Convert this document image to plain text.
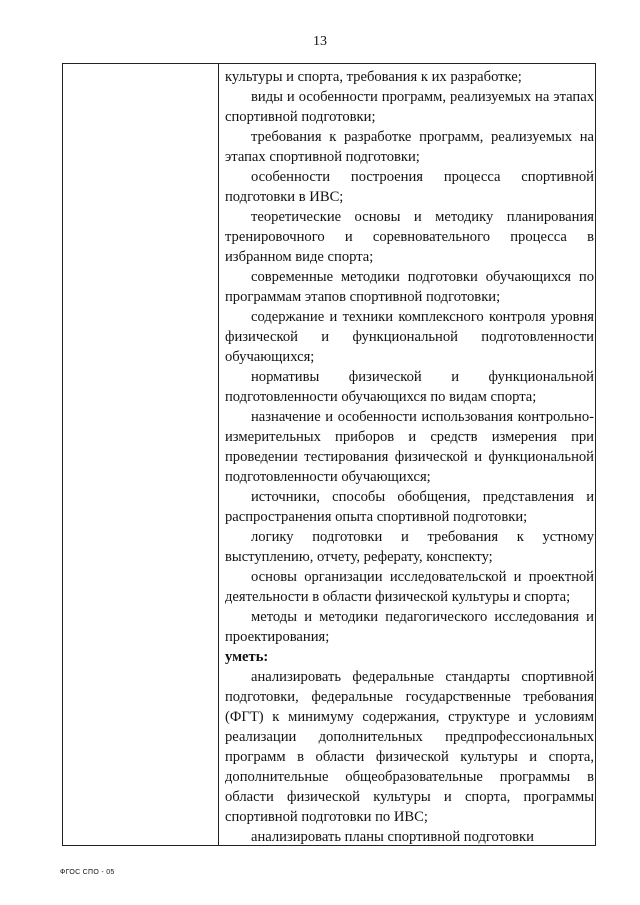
13

культуры и спорта, требования к их разработке;

виды и особенности программ, реализуемых на этапах спортивной подготовки;

требования к разработке программ, реализуемых на этапах спортивной подготовки;

особенности построения процесса спортивной подготовки в ИВС;

теоретические основы и методику планирования тренировочного и соревновательного процесса в избранном виде спорта;

современные методики подготовки обучающихся по программам этапов спортивной подготовки;

содержание и техники комплексного контроля уровня физической и функциональной подготовленности обучающихся;

нормативы физической и функциональной подготовленности обучающихся по видам спорта;

назначение и особенности использования контрольно-измерительных приборов и средств измерения при проведении тестирования физической и функциональной подготовленности обучающихся;

источники, способы обобщения, представления и распространения опыта спортивной подготовки;

логику подготовки и требования к устному выступлению, отчету, реферату, конспекту;

основы организации исследовательской и проектной деятельности в области физической культуры и спорта;

методы и методики педагогического исследования и проектирования;

уметь:

анализировать федеральные стандарты спортивной подготовки, федеральные государственные требования (ФГТ) к минимуму содержания, структуре и условиям реализации дополнительных предпрофессиональных программ в области физической культуры и спорта, дополнительные общеобразовательные программы в области физической культуры и спорта, программы спортивной подготовки по ИВС;

анализировать планы спортивной подготовки

ФГОС СПО - 05
